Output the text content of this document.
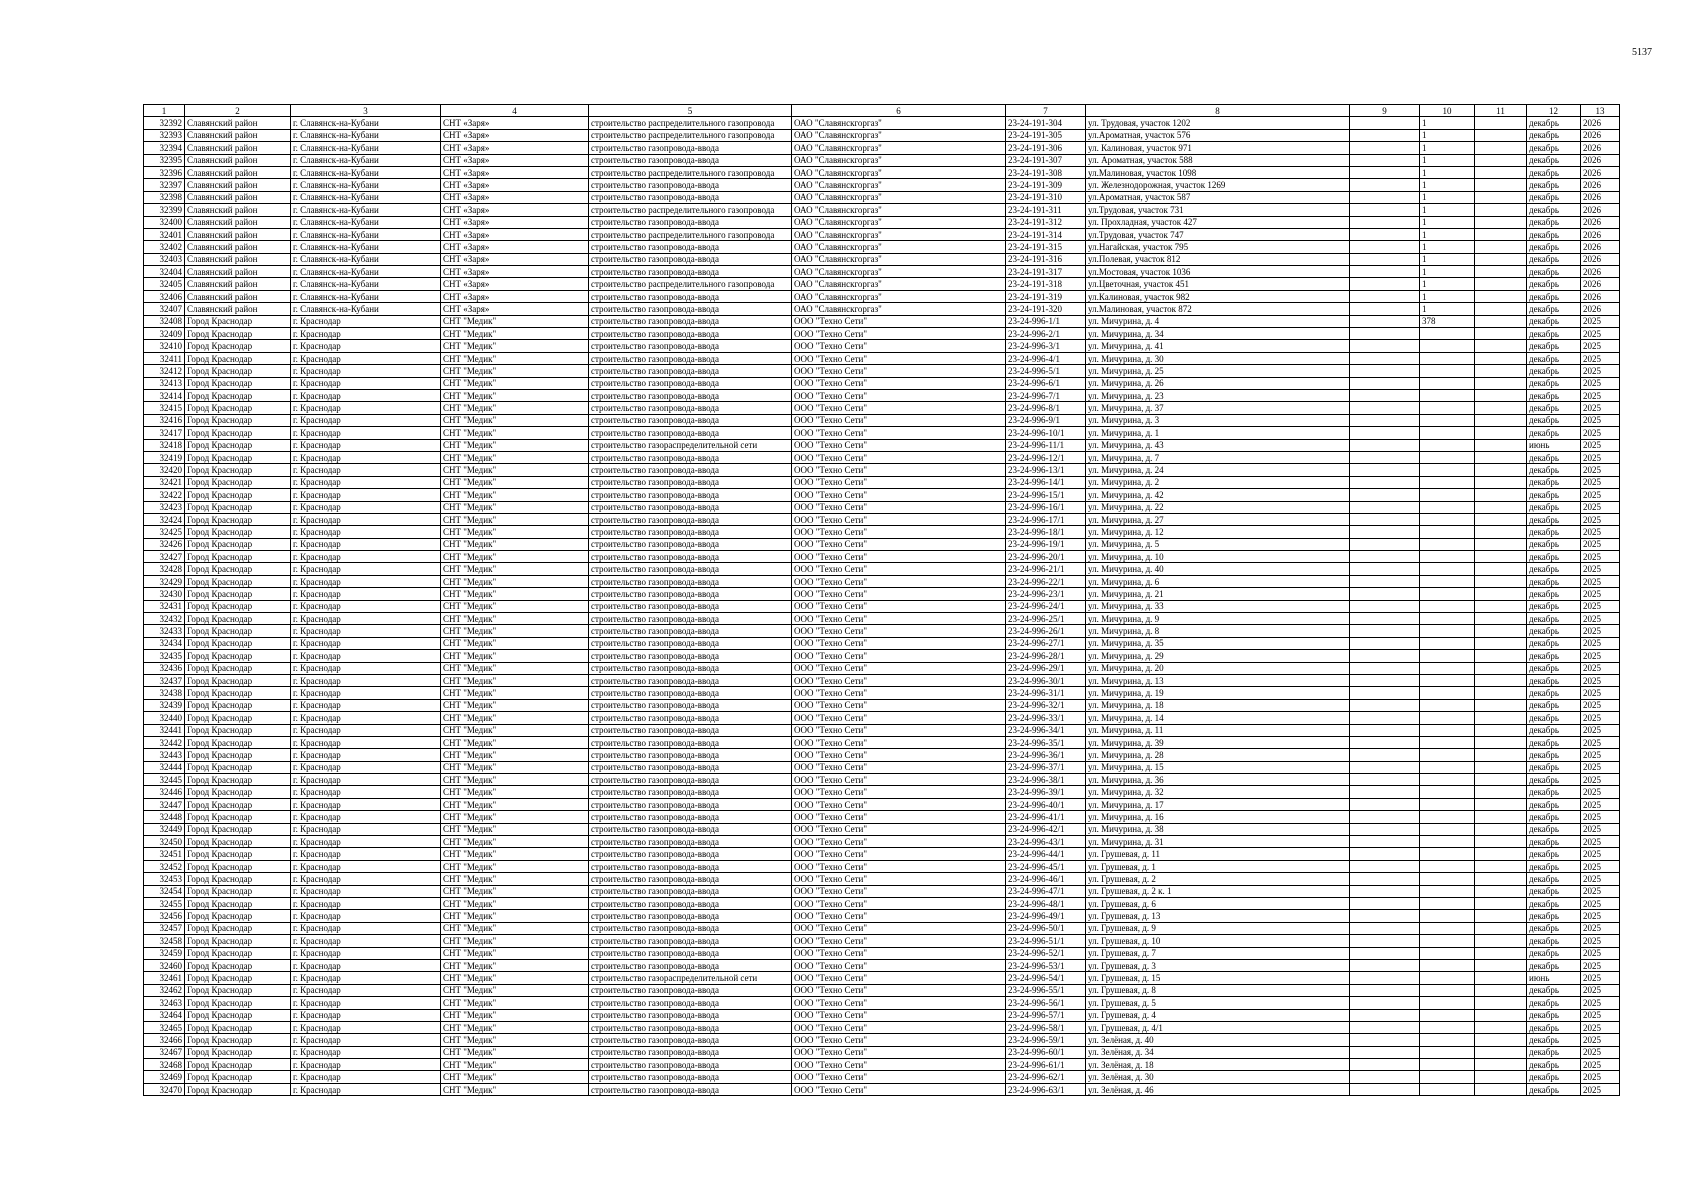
5137
1	2	3	4	5	6	7	8	9	10	11	12	13
32392	Славянский район	г. Славянск-на-Кубани	СНТ «Заря»	строительство распределительного газопровода	ОАО "Славянскгоргаз"	23-24-191-304	ул. Трудовая, участок 1202		1		декабрь	2026
32393	Славянский район	г. Славянск-на-Кубани	СНТ «Заря»	строительство распределительного газопровода	ОАО "Славянскгоргаз"	23-24-191-305	ул.Ароматная, участок 576		1		декабрь	2026
32394	Славянский район	г. Славянск-на-Кубани	СНТ «Заря»	строительство газопровода-ввода	ОАО "Славянскгоргаз"	23-24-191-306	ул. Калиновая, участок 971		1		декабрь	2026
32395	Славянский район	г. Славянск-на-Кубани	СНТ «Заря»	строительство газопровода-ввода	ОАО "Славянскгоргаз"	23-24-191-307	ул. Ароматная, участок 588		1		декабрь	2026
32396	Славянский район	г. Славянск-на-Кубани	СНТ «Заря»	строительство распределительного газопровода	ОАО "Славянскгоргаз"	23-24-191-308	ул.Малиновая, участок 1098		1		декабрь	2026
32397	Славянский район	г. Славянск-на-Кубани	СНТ «Заря»	строительство газопровода-ввода	ОАО "Славянскгоргаз"	23-24-191-309	ул. Железнодорожная, участок 1269		1		декабрь	2026
32398	Славянский район	г. Славянск-на-Кубани	СНТ «Заря»	строительство газопровода-ввода	ОАО "Славянскгоргаз"	23-24-191-310	ул.Ароматная, участок 587		1		декабрь	2026
32399	Славянский район	г. Славянск-на-Кубани	СНТ «Заря»	строительство распределительного газопровода	ОАО "Славянскгоргаз"	23-24-191-311	ул.Трудовая, участок 731		1		декабрь	2026
32400	Славянский район	г. Славянск-на-Кубани	СНТ «Заря»	строительство газопровода-ввода	ОАО "Славянскгоргаз"	23-24-191-312	ул. Прохладная, участок 427		1		декабрь	2026
32401	Славянский район	г. Славянск-на-Кубани	СНТ «Заря»	строительство распределительного газопровода	ОАО "Славянскгоргаз"	23-24-191-314	ул.Трудовая, участок 747		1		декабрь	2026
32402	Славянский район	г. Славянск-на-Кубани	СНТ «Заря»	строительство газопровода-ввода	ОАО "Славянскгоргаз"	23-24-191-315	ул.Нагайская, участок 795		1		декабрь	2026
32403	Славянский район	г. Славянск-на-Кубани	СНТ «Заря»	строительство газопровода-ввода	ОАО "Славянскгоргаз"	23-24-191-316	ул.Полевая, участок 812		1		декабрь	2026
32404	Славянский район	г. Славянск-на-Кубани	СНТ «Заря»	строительство газопровода-ввода	ОАО "Славянскгоргаз"	23-24-191-317	ул.Мостовая, участок 1036		1		декабрь	2026
32405	Славянский район	г. Славянск-на-Кубани	СНТ «Заря»	строительство распределительного газопровода	ОАО "Славянскгоргаз"	23-24-191-318	ул.Цветочная, участок 451		1		декабрь	2026
32406	Славянский район	г. Славянск-на-Кубани	СНТ «Заря»	строительство газопровода-ввода	ОАО "Славянскгоргаз"	23-24-191-319	ул.Калиновая, участок 982		1		декабрь	2026
32407	Славянский район	г. Славянск-на-Кубани	СНТ «Заря»	строительство газопровода-ввода	ОАО "Славянскгоргаз"	23-24-191-320	ул.Малиновая, участок 872		1		декабрь	2026
32408	Город Краснодар	г. Краснодар	СНТ "Медик"	строительство газопровода-ввода	ООО "Техно Сети"	23-24-996-1/1	ул. Мичурина, д. 4		378		декабрь	2025
32409	Город Краснодар	г. Краснодар	СНТ "Медик"	строительство газопровода-ввода	ООО "Техно Сети"	23-24-996-2/1	ул. Мичурина, д. 34				декабрь	2025
32410	Город Краснодар	г. Краснодар	СНТ "Медик"	строительство газопровода-ввода	ООО "Техно Сети"	23-24-996-3/1	ул. Мичурина, д. 41				декабрь	2025
32411	Город Краснодар	г. Краснодар	СНТ "Медик"	строительство газопровода-ввода	ООО "Техно Сети"	23-24-996-4/1	ул. Мичурина, д. 30				декабрь	2025
32412	Город Краснодар	г. Краснодар	СНТ "Медик"	строительство газопровода-ввода	ООО "Техно Сети"	23-24-996-5/1	ул. Мичурина, д. 25				декабрь	2025
32413	Город Краснодар	г. Краснодар	СНТ "Медик"	строительство газопровода-ввода	ООО "Техно Сети"	23-24-996-6/1	ул. Мичурина, д. 26				декабрь	2025
32414	Город Краснодар	г. Краснодар	СНТ "Медик"	строительство газопровода-ввода	ООО "Техно Сети"	23-24-996-7/1	ул. Мичурина, д. 23				декабрь	2025
32415	Город Краснодар	г. Краснодар	СНТ "Медик"	строительство газопровода-ввода	ООО "Техно Сети"	23-24-996-8/1	ул. Мичурина, д. 37				декабрь	2025
32416	Город Краснодар	г. Краснодар	СНТ "Медик"	строительство газопровода-ввода	ООО "Техно Сети"	23-24-996-9/1	ул. Мичурина, д. 3				декабрь	2025
32417	Город Краснодар	г. Краснодар	СНТ "Медик"	строительство газопровода-ввода	ООО "Техно Сети"	23-24-996-10/1	ул. Мичурина, д. 1				декабрь	2025
32418	Город Краснодар	г. Краснодар	СНТ "Медик"	строительство газораспределительной сети	ООО "Техно Сети"	23-24-996-11/1	ул. Мичурина, д. 43				июнь	2025
32419	Город Краснодар	г. Краснодар	СНТ "Медик"	строительство газопровода-ввода	ООО "Техно Сети"	23-24-996-12/1	ул. Мичурина, д. 7				декабрь	2025
32420	Город Краснодар	г. Краснодар	СНТ "Медик"	строительство газопровода-ввода	ООО "Техно Сети"	23-24-996-13/1	ул. Мичурина, д. 24				декабрь	2025
32421	Город Краснодар	г. Краснодар	СНТ "Медик"	строительство газопровода-ввода	ООО "Техно Сети"	23-24-996-14/1	ул. Мичурина, д. 2				декабрь	2025
32422	Город Краснодар	г. Краснодар	СНТ "Медик"	строительство газопровода-ввода	ООО "Техно Сети"	23-24-996-15/1	ул. Мичурина, д. 42				декабрь	2025
32423	Город Краснодар	г. Краснодар	СНТ "Медик"	строительство газопровода-ввода	ООО "Техно Сети"	23-24-996-16/1	ул. Мичурина, д. 22				декабрь	2025
32424	Город Краснодар	г. Краснодар	СНТ "Медик"	строительство газопровода-ввода	ООО "Техно Сети"	23-24-996-17/1	ул. Мичурина, д. 27				декабрь	2025
32425	Город Краснодар	г. Краснодар	СНТ "Медик"	строительство газопровода-ввода	ООО "Техно Сети"	23-24-996-18/1	ул. Мичурина, д. 12				декабрь	2025
32426	Город Краснодар	г. Краснодар	СНТ "Медик"	строительство газопровода-ввода	ООО "Техно Сети"	23-24-996-19/1	ул. Мичурина, д. 5				декабрь	2025
32427	Город Краснодар	г. Краснодар	СНТ "Медик"	строительство газопровода-ввода	ООО "Техно Сети"	23-24-996-20/1	ул. Мичурина, д. 10				декабрь	2025
32428	Город Краснодар	г. Краснодар	СНТ "Медик"	строительство газопровода-ввода	ООО "Техно Сети"	23-24-996-21/1	ул. Мичурина, д. 40				декабрь	2025
32429	Город Краснодар	г. Краснодар	СНТ "Медик"	строительство газопровода-ввода	ООО "Техно Сети"	23-24-996-22/1	ул. Мичурина, д. 6				декабрь	2025
32430	Город Краснодар	г. Краснодар	СНТ "Медик"	строительство газопровода-ввода	ООО "Техно Сети"	23-24-996-23/1	ул. Мичурина, д. 21				декабрь	2025
32431	Город Краснодар	г. Краснодар	СНТ "Медик"	строительство газопровода-ввода	ООО "Техно Сети"	23-24-996-24/1	ул. Мичурина, д. 33				декабрь	2025
32432	Город Краснодар	г. Краснодар	СНТ "Медик"	строительство газопровода-ввода	ООО "Техно Сети"	23-24-996-25/1	ул. Мичурина, д. 9				декабрь	2025
32433	Город Краснодар	г. Краснодар	СНТ "Медик"	строительство газопровода-ввода	ООО "Техно Сети"	23-24-996-26/1	ул. Мичурина, д. 8				декабрь	2025
32434	Город Краснодар	г. Краснодар	СНТ "Медик"	строительство газопровода-ввода	ООО "Техно Сети"	23-24-996-27/1	ул. Мичурина, д. 35				декабрь	2025
32435	Город Краснодар	г. Краснодар	СНТ "Медик"	строительство газопровода-ввода	ООО "Техно Сети"	23-24-996-28/1	ул. Мичурина, д. 29				декабрь	2025
32436	Город Краснодар	г. Краснодар	СНТ "Медик"	строительство газопровода-ввода	ООО "Техно Сети"	23-24-996-29/1	ул. Мичурина, д. 20				декабрь	2025
32437	Город Краснодар	г. Краснодар	СНТ "Медик"	строительство газопровода-ввода	ООО "Техно Сети"	23-24-996-30/1	ул. Мичурина, д. 13				декабрь	2025
32438	Город Краснодар	г. Краснодар	СНТ "Медик"	строительство газопровода-ввода	ООО "Техно Сети"	23-24-996-31/1	ул. Мичурина, д. 19				декабрь	2025
32439	Город Краснодар	г. Краснодар	СНТ "Медик"	строительство газопровода-ввода	ООО "Техно Сети"	23-24-996-32/1	ул. Мичурина, д. 18				декабрь	2025
32440	Город Краснодар	г. Краснодар	СНТ "Медик"	строительство газопровода-ввода	ООО "Техно Сети"	23-24-996-33/1	ул. Мичурина, д. 14				декабрь	2025
32441	Город Краснодар	г. Краснодар	СНТ "Медик"	строительство газопровода-ввода	ООО "Техно Сети"	23-24-996-34/1	ул. Мичурина, д. 11				декабрь	2025
32442	Город Краснодар	г. Краснодар	СНТ "Медик"	строительство газопровода-ввода	ООО "Техно Сети"	23-24-996-35/1	ул. Мичурина, д. 39				декабрь	2025
32443	Город Краснодар	г. Краснодар	СНТ "Медик"	строительство газопровода-ввода	ООО "Техно Сети"	23-24-996-36/1	ул. Мичурина, д. 28				декабрь	2025
32444	Город Краснодар	г. Краснодар	СНТ "Медик"	строительство газопровода-ввода	ООО "Техно Сети"	23-24-996-37/1	ул. Мичурина, д. 15				декабрь	2025
32445	Город Краснодар	г. Краснодар	СНТ "Медик"	строительство газопровода-ввода	ООО "Техно Сети"	23-24-996-38/1	ул. Мичурина, д. 36				декабрь	2025
32446	Город Краснодар	г. Краснодар	СНТ "Медик"	строительство газопровода-ввода	ООО "Техно Сети"	23-24-996-39/1	ул. Мичурина, д. 32				декабрь	2025
32447	Город Краснодар	г. Краснодар	СНТ "Медик"	строительство газопровода-ввода	ООО "Техно Сети"	23-24-996-40/1	ул. Мичурина, д. 17				декабрь	2025
32448	Город Краснодар	г. Краснодар	СНТ "Медик"	строительство газопровода-ввода	ООО "Техно Сети"	23-24-996-41/1	ул. Мичурина, д. 16				декабрь	2025
32449	Город Краснодар	г. Краснодар	СНТ "Медик"	строительство газопровода-ввода	ООО "Техно Сети"	23-24-996-42/1	ул. Мичурина, д. 38				декабрь	2025
32450	Город Краснодар	г. Краснодар	СНТ "Медик"	строительство газопровода-ввода	ООО "Техно Сети"	23-24-996-43/1	ул. Мичурина, д. 31				декабрь	2025
32451	Город Краснодар	г. Краснодар	СНТ "Медик"	строительство газопровода-ввода	ООО "Техно Сети"	23-24-996-44/1	ул. Грушевая, д. 11				декабрь	2025
32452	Город Краснодар	г. Краснодар	СНТ "Медик"	строительство газопровода-ввода	ООО "Техно Сети"	23-24-996-45/1	ул. Грушевая, д. 1				декабрь	2025
32453	Город Краснодар	г. Краснодар	СНТ "Медик"	строительство газопровода-ввода	ООО "Техно Сети"	23-24-996-46/1	ул. Грушевая, д. 2				декабрь	2025
32454	Город Краснодар	г. Краснодар	СНТ "Медик"	строительство газопровода-ввода	ООО "Техно Сети"	23-24-996-47/1	ул. Грушевая, д. 2 к. 1				декабрь	2025
32455	Город Краснодар	г. Краснодар	СНТ "Медик"	строительство газопровода-ввода	ООО "Техно Сети"	23-24-996-48/1	ул. Грушевая, д. 6				декабрь	2025
32456	Город Краснодар	г. Краснодар	СНТ "Медик"	строительство газопровода-ввода	ООО "Техно Сети"	23-24-996-49/1	ул. Грушевая, д. 13				декабрь	2025
32457	Город Краснодар	г. Краснодар	СНТ "Медик"	строительство газопровода-ввода	ООО "Техно Сети"	23-24-996-50/1	ул. Грушевая, д. 9				декабрь	2025
32458	Город Краснодар	г. Краснодар	СНТ "Медик"	строительство газопровода-ввода	ООО "Техно Сети"	23-24-996-51/1	ул. Грушевая, д. 10				декабрь	2025
32459	Город Краснодар	г. Краснодар	СНТ "Медик"	строительство газопровода-ввода	ООО "Техно Сети"	23-24-996-52/1	ул. Грушевая, д. 7				декабрь	2025
32460	Город Краснодар	г. Краснодар	СНТ "Медик"	строительство газопровода-ввода	ООО "Техно Сети"	23-24-996-53/1	ул. Грушевая, д. 3				декабрь	2025
32461	Город Краснодар	г. Краснодар	СНТ "Медик"	строительство газораспределительной сети	ООО "Техно Сети"	23-24-996-54/1	ул. Грушевая, д. 15				июнь	2025
32462	Город Краснодар	г. Краснодар	СНТ "Медик"	строительство газопровода-ввода	ООО "Техно Сети"	23-24-996-55/1	ул. Грушевая, д. 8				декабрь	2025
32463	Город Краснодар	г. Краснодар	СНТ "Медик"	строительство газопровода-ввода	ООО "Техно Сети"	23-24-996-56/1	ул. Грушевая, д. 5				декабрь	2025
32464	Город Краснодар	г. Краснодар	СНТ "Медик"	строительство газопровода-ввода	ООО "Техно Сети"	23-24-996-57/1	ул. Грушевая, д. 4				декабрь	2025
32465	Город Краснодар	г. Краснодар	СНТ "Медик"	строительство газопровода-ввода	ООО "Техно Сети"	23-24-996-58/1	ул. Грушевая, д. 4/1				декабрь	2025
32466	Город Краснодар	г. Краснодар	СНТ "Медик"	строительство газопровода-ввода	ООО "Техно Сети"	23-24-996-59/1	ул. Зелёная, д. 40				декабрь	2025
32467	Город Краснодар	г. Краснодар	СНТ "Медик"	строительство газопровода-ввода	ООО "Техно Сети"	23-24-996-60/1	ул. Зелёная, д. 34				декабрь	2025
32468	Город Краснодар	г. Краснодар	СНТ "Медик"	строительство газопровода-ввода	ООО "Техно Сети"	23-24-996-61/1	ул. Зелёная, д. 18				декабрь	2025
32469	Город Краснодар	г. Краснодар	СНТ "Медик"	строительство газопровода-ввода	ООО "Техно Сети"	23-24-996-62/1	ул. Зелёная, д. 30				декабрь	2025
32470	Город Краснодар	г. Краснодар	СНТ "Медик"	строительство газопровода-ввода	ООО "Техно Сети"	23-24-996-63/1	ул. Зелёная, д. 46				декабрь	2025
